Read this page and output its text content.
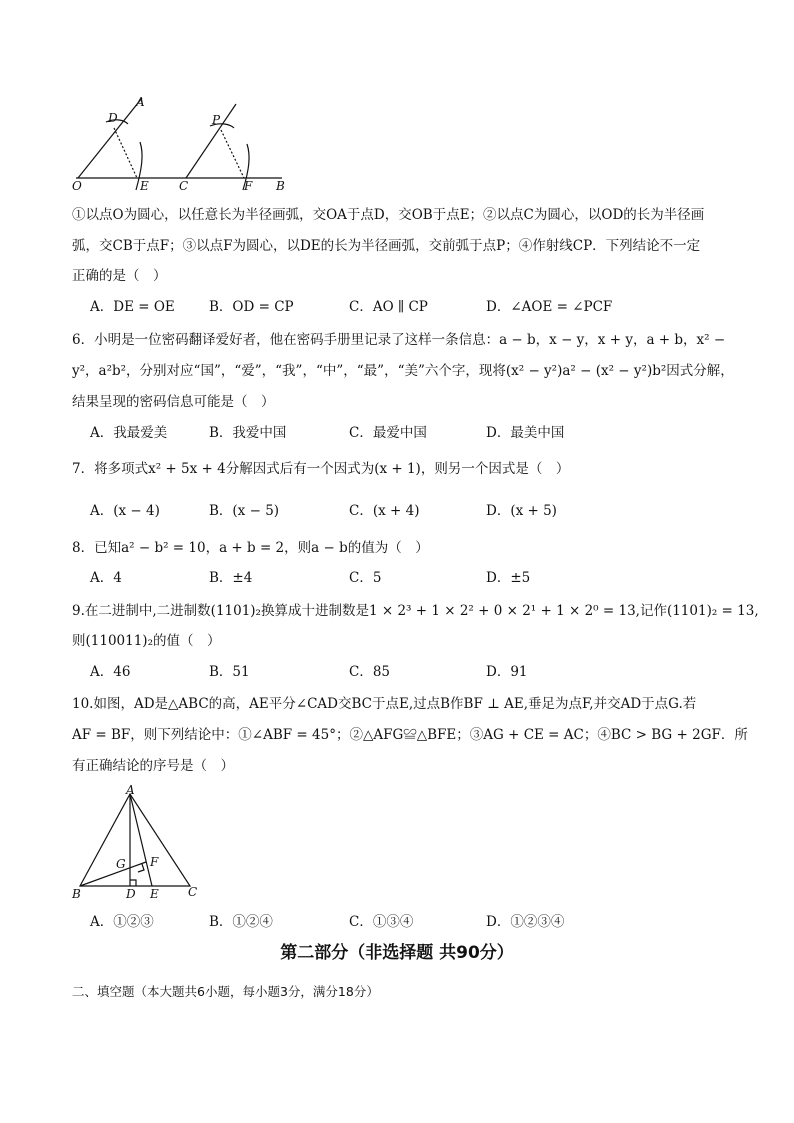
D
A
P
O	E	C	F B
①以点O为圆心，以任意长为半径画弧，交OA于点D，交OB于点E；②以点C为圆心，以OD的长为半径画
弧，交CB于点F；③以点F为圆心，以DE的长为半径画弧，交前弧于点P；④作射线CP．下列结论不一定
正确的是（　）
A．DE = OE	B．OD = CP	C．AO ∥ CP	D．∠AOE = ∠PCF
6．小明是一位密码翻译爱好者，他在密码手册里记录了这样一条信息：a − b，x − y，x + y，a + b，x² −
y²，a²b²，分别对应“国”，“爱”，“我”，“中”，“最”，“美”六个字，现将(x² − y²)a² − (x² − y²)b²因式分解，
结果呈现的密码信息可能是（　）
A．我最爱美	B．我爱中国	C．最爱中国	D．最美中国
7．将多项式x² + 5x + 4分解因式后有一个因式为(x + 1)，则另一个因式是（　）
A．(x − 4)	B．(x − 5)	C．(x + 4)	D．(x + 5)
8．已知a² − b² = 10，a + b = 2，则a − b的值为（　）
A．4	B．±4	C．5	D．±5
9.在二进制中,二进制数(1101)₂换算成十进制数是1 × 2³ + 1 × 2² + 0 × 2¹ + 1 × 2⁰ = 13,记作(1101)₂ = 13,
则(110011)₂的值（　）
A．46	B．51	C．85	D．91
10.如图，AD是△ABC的高，AE平分∠CAD交BC于点E,过点B作BF ⊥ AE,垂足为点F,并交AD于点G.若
AF = BF，则下列结论中：①∠ABF = 45°；②△AFG≌△BFE；③AG + CE = AC；④BC > BG + 2GF．所
有正确结论的序号是（　）
A
G F
B	D E C
A．①②③	B．①②④	C．①③④	D．①②③④
第二部分（非选择题 共90分）
二、填空题（本大题共6小题，每小题3分，满分18分）
